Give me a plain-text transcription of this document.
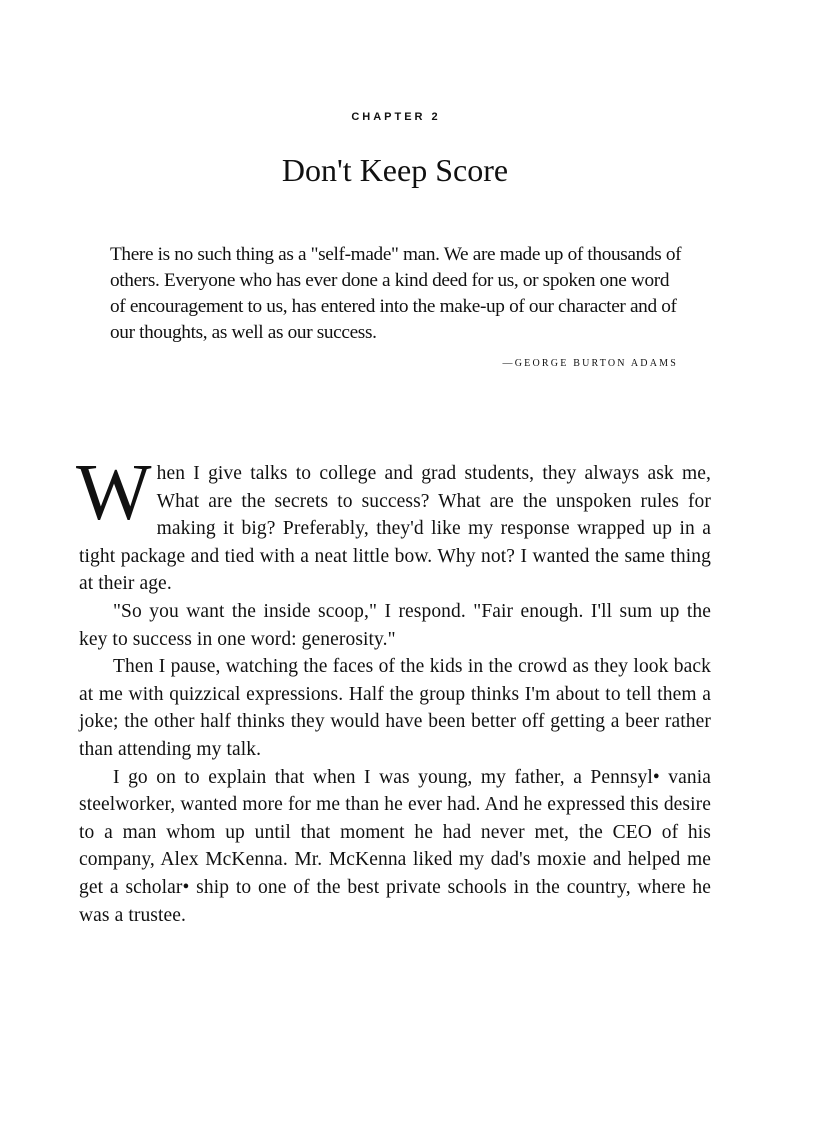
CHAPTER 2
Don't Keep Score

There is no such thing as a "self-made" man. We are made up of thousands of others. Everyone who has ever done a kind deed for us, or spoken one word of encouragement to us, has entered into the make-up of our character and of our thoughts, as well as our success.

—GEORGE BURTON ADAMS

When I give talks to college and grad students, they always ask me, What are the secrets to success? What are the unspoken rules for making it big? Preferably, they'd like my response wrapped up in a tight package and tied with a neat little bow. Why not? I wanted the same thing at their age.

"So you want the inside scoop," I respond. "Fair enough. I'll sum up the key to success in one word: generosity."

Then I pause, watching the faces of the kids in the crowd as they look back at me with quizzical expressions. Half the group thinks I'm about to tell them a joke; the other half thinks they would have been better off getting a beer rather than attending my talk.

I go on to explain that when I was young, my father, a Pennsyl• vania steelworker, wanted more for me than he ever had. And he expressed this desire to a man whom up until that moment he had never met, the CEO of his company, Alex McKenna. Mr. McKenna liked my dad's moxie and helped me get a scholar• ship to one of the best private schools in the country, where he was a trustee.
